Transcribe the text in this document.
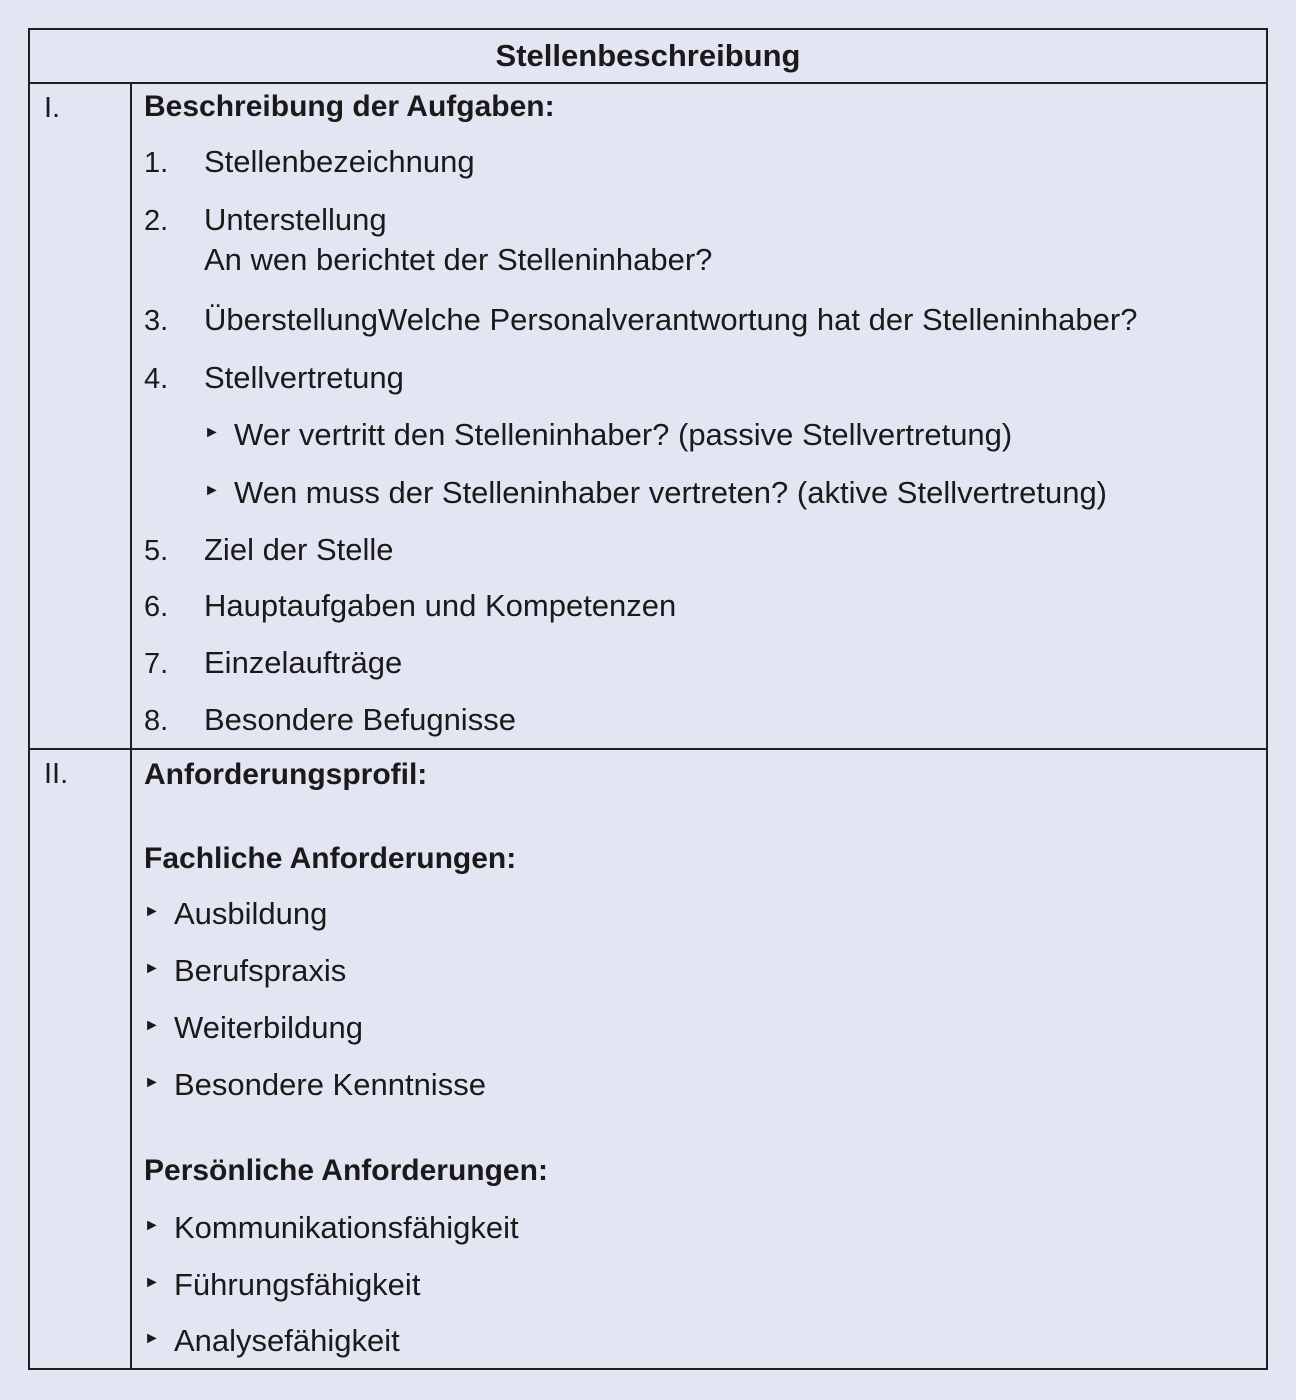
Stellenbeschreibung
I.	Beschreibung der Aufgaben:
1. Stellenbezeichnung
2. Unterstellung
An wen berichtet der Stelleninhaber?
3. ÜberstellungWelche Personalverantwortung hat der Stelleninhaber?
4. Stellvertretung
► Wer vertritt den Stelleninhaber? (passive Stellvertretung)
► Wen muss der Stelleninhaber vertreten? (aktive Stellvertretung)
5. Ziel der Stelle
6. Hauptaufgaben und Kompetenzen
7. Einzelaufträge
8. Besondere Befugnisse
II.	Anforderungsprofil:
Fachliche Anforderungen:
► Ausbildung
► Berufspraxis
► Weiterbildung
► Besondere Kenntnisse
Persönliche Anforderungen:
► Kommunikationsfähigkeit
► Führungsfähigkeit
► Analysefähigkeit
